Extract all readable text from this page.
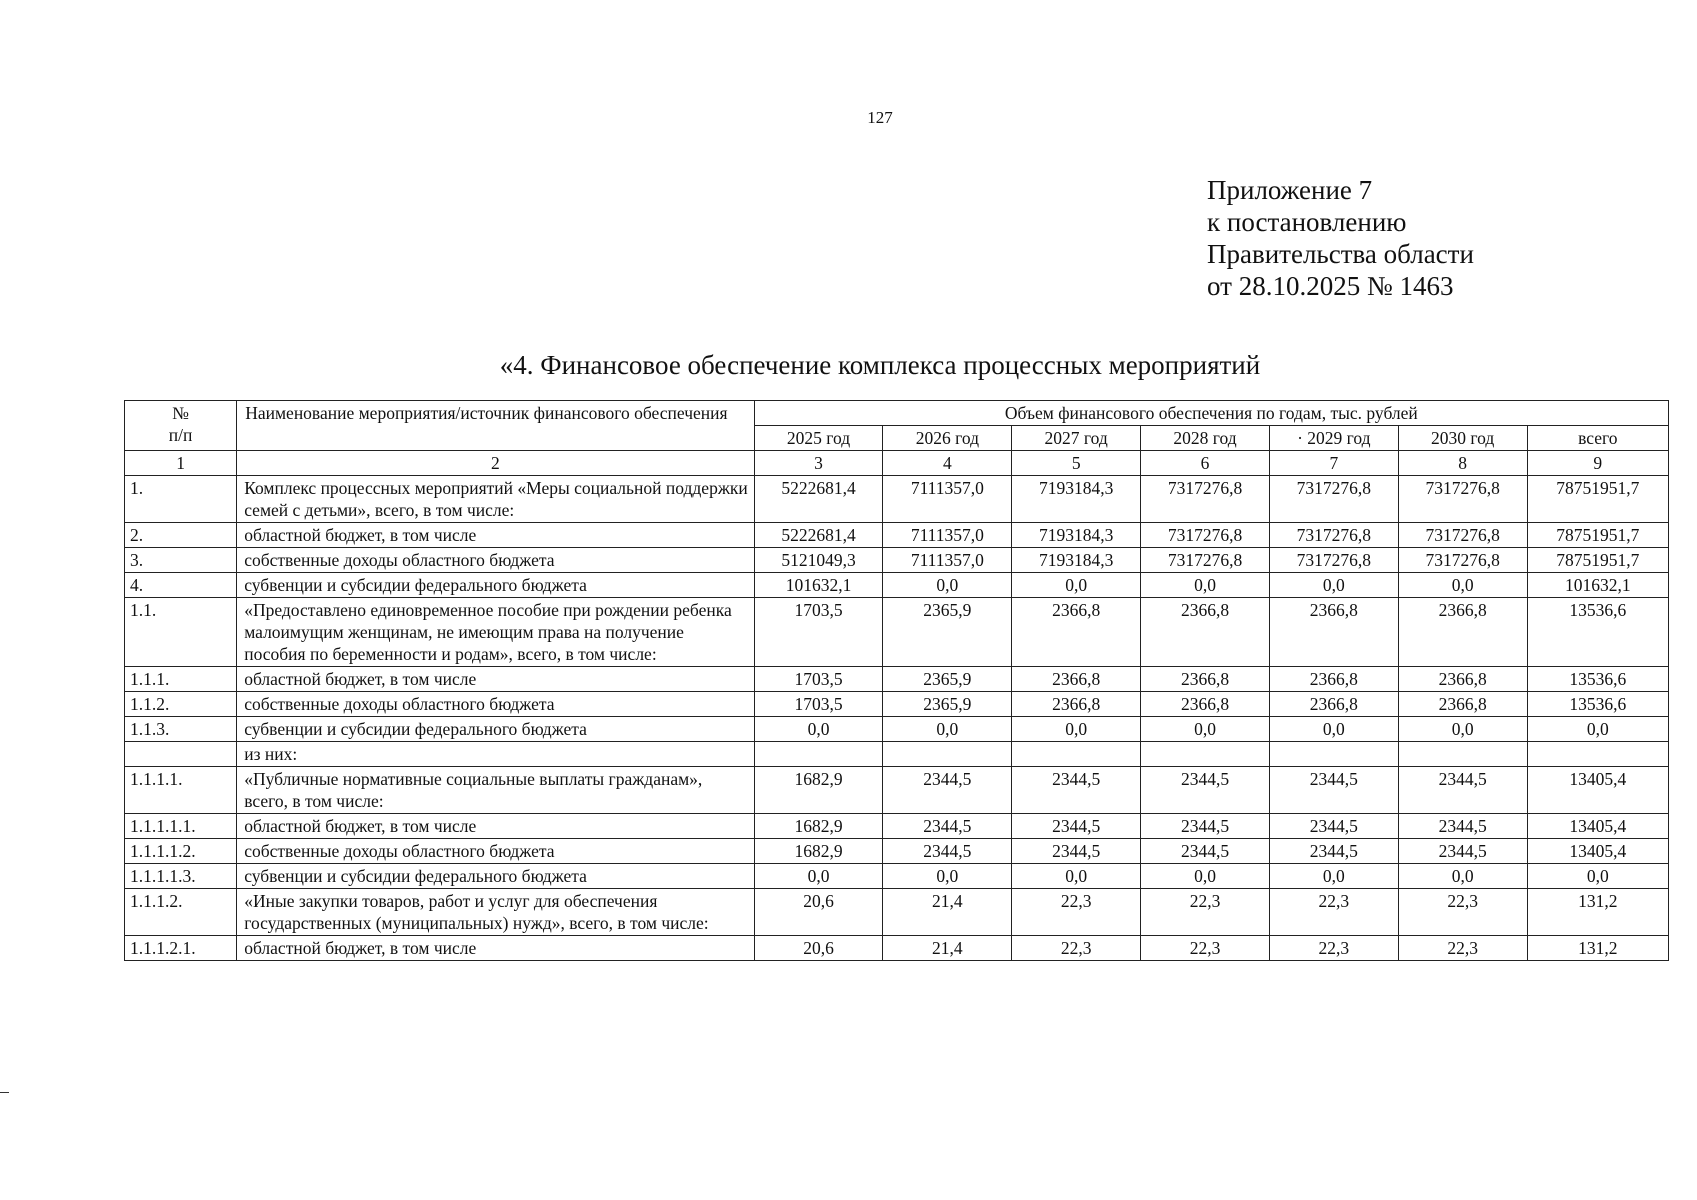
127
Приложение 7
к постановлению
Правительства области
от 28.10.2025 № 1463
«4. Финансовое обеспечение комплекса процессных мероприятий
№
п/п	Наименование мероприятия/источник финансового обеспечения	Объем финансового обеспечения по годам, тыс. рублей						
		2025 год	2026 год	2027 год	2028 год	· 2029 год	2030 год	всего
1	2	3	4	5	6	7	8	9
1.	Комплекс процессных мероприятий «Меры социальной поддержки семей с детьми», всего, в том числе:	5222681,4	7111357,0	7193184,3	7317276,8	7317276,8	7317276,8	78751951,7
2.	областной бюджет, в том числе	5222681,4	7111357,0	7193184,3	7317276,8	7317276,8	7317276,8	78751951,7
3.	собственные доходы областного бюджета	5121049,3	7111357,0	7193184,3	7317276,8	7317276,8	7317276,8	78751951,7
4.	субвенции и субсидии федерального бюджета	101632,1	0,0	0,0	0,0	0,0	0,0	101632,1
1.1.	«Предоставлено единовременное пособие при рождении ребенка малоимущим женщинам, не имеющим права на получение пособия по беременности и родам», всего, в том числе:	1703,5	2365,9	2366,8	2366,8	2366,8	2366,8	13536,6
1.1.1.	областной бюджет, в том числе	1703,5	2365,9	2366,8	2366,8	2366,8	2366,8	13536,6
1.1.2.	собственные доходы областного бюджета	1703,5	2365,9	2366,8	2366,8	2366,8	2366,8	13536,6
1.1.3.	субвенции и субсидии федерального бюджета	0,0	0,0	0,0	0,0	0,0	0,0	0,0
	из них:							
1.1.1.1.	«Публичные нормативные социальные выплаты гражданам», всего, в том числе:	1682,9	2344,5	2344,5	2344,5	2344,5	2344,5	13405,4
1.1.1.1.1.	областной бюджет, в том числе	1682,9	2344,5	2344,5	2344,5	2344,5	2344,5	13405,4
1.1.1.1.2.	собственные доходы областного бюджета	1682,9	2344,5	2344,5	2344,5	2344,5	2344,5	13405,4
1.1.1.1.3.	субвенции и субсидии федерального бюджета	0,0	0,0	0,0	0,0	0,0	0,0	0,0
1.1.1.2.	«Иные закупки товаров, работ и услуг для обеспечения государственных (муниципальных) нужд», всего, в том числе:	20,6	21,4	22,3	22,3	22,3	22,3	131,2
1.1.1.2.1.	областной бюджет, в том числе	20,6	21,4	22,3	22,3	22,3	22,3	131,2
